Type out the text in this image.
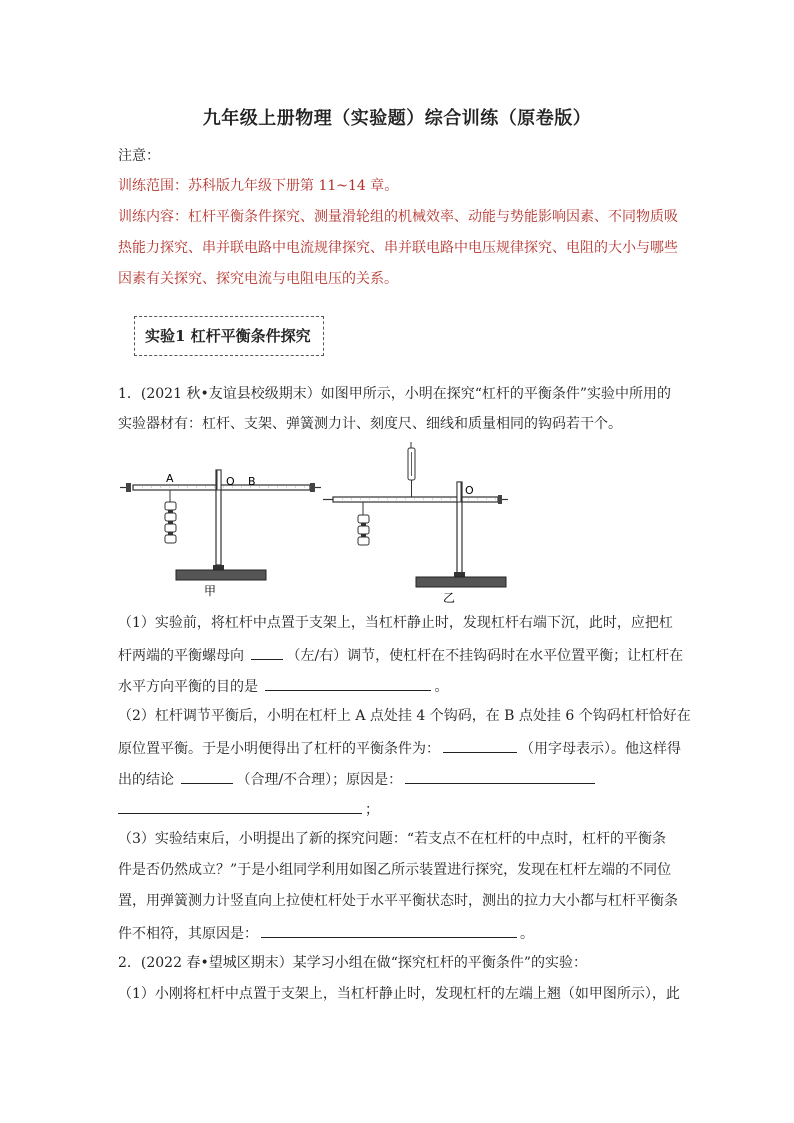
九年级上册物理（实验题）综合训练（原卷版）
注意：
训练范围：苏科版九年级下册第 11~14 章。
训练内容：杠杆平衡条件探究、测量滑轮组的机械效率、动能与势能影响因素、不同物质吸
热能力探究、串并联电路中电流规律探究、串并联电路中电压规律探究、电阻的大小与哪些
因素有关探究、探究电流与电阻电压的关系。
实验1 杠杆平衡条件探究
1．(2021 秋•友谊县校级期末）如图甲所示，小明在探究“杠杆的平衡条件”实验中所用的
实验器材有：杠杆、支架、弹簧测力计、刻度尺、细线和质量相同的钩码若干个。
A	O B
甲
O
乙
（1）实验前，将杠杆中点置于支架上，当杠杆静止时，发现杠杆右端下沉，此时，应把杠
杆两端的平衡螺母向	（左/右）调节，使杠杆在不挂钩码时在水平位置平衡；让杠杆在
水平方向平衡的目的是	。
（2）杠杆调节平衡后，小明在杠杆上 A 点处挂 4 个钩码，在 B 点处挂 6 个钩码杠杆恰好在
原位置平衡。于是小明便得出了杠杆的平衡条件为：	（用字母表示）。他这样得
出的结论	（合理/不合理）；原因是：
；
（3）实验结束后，小明提出了新的探究问题：“若支点不在杠杆的中点时，杠杆的平衡条
件是否仍然成立？”于是小组同学利用如图乙所示装置进行探究，发现在杠杆左端的不同位
置，用弹簧测力计竖直向上拉使杠杆处于水平平衡状态时，测出的拉力大小都与杠杆平衡条
件不相符，其原因是：	。
2．(2022 春•望城区期末）某学习小组在做“探究杠杆的平衡条件”的实验：
（1）小刚将杠杆中点置于支架上，当杠杆静止时，发现杠杆的左端上翘（如甲图所示），此
